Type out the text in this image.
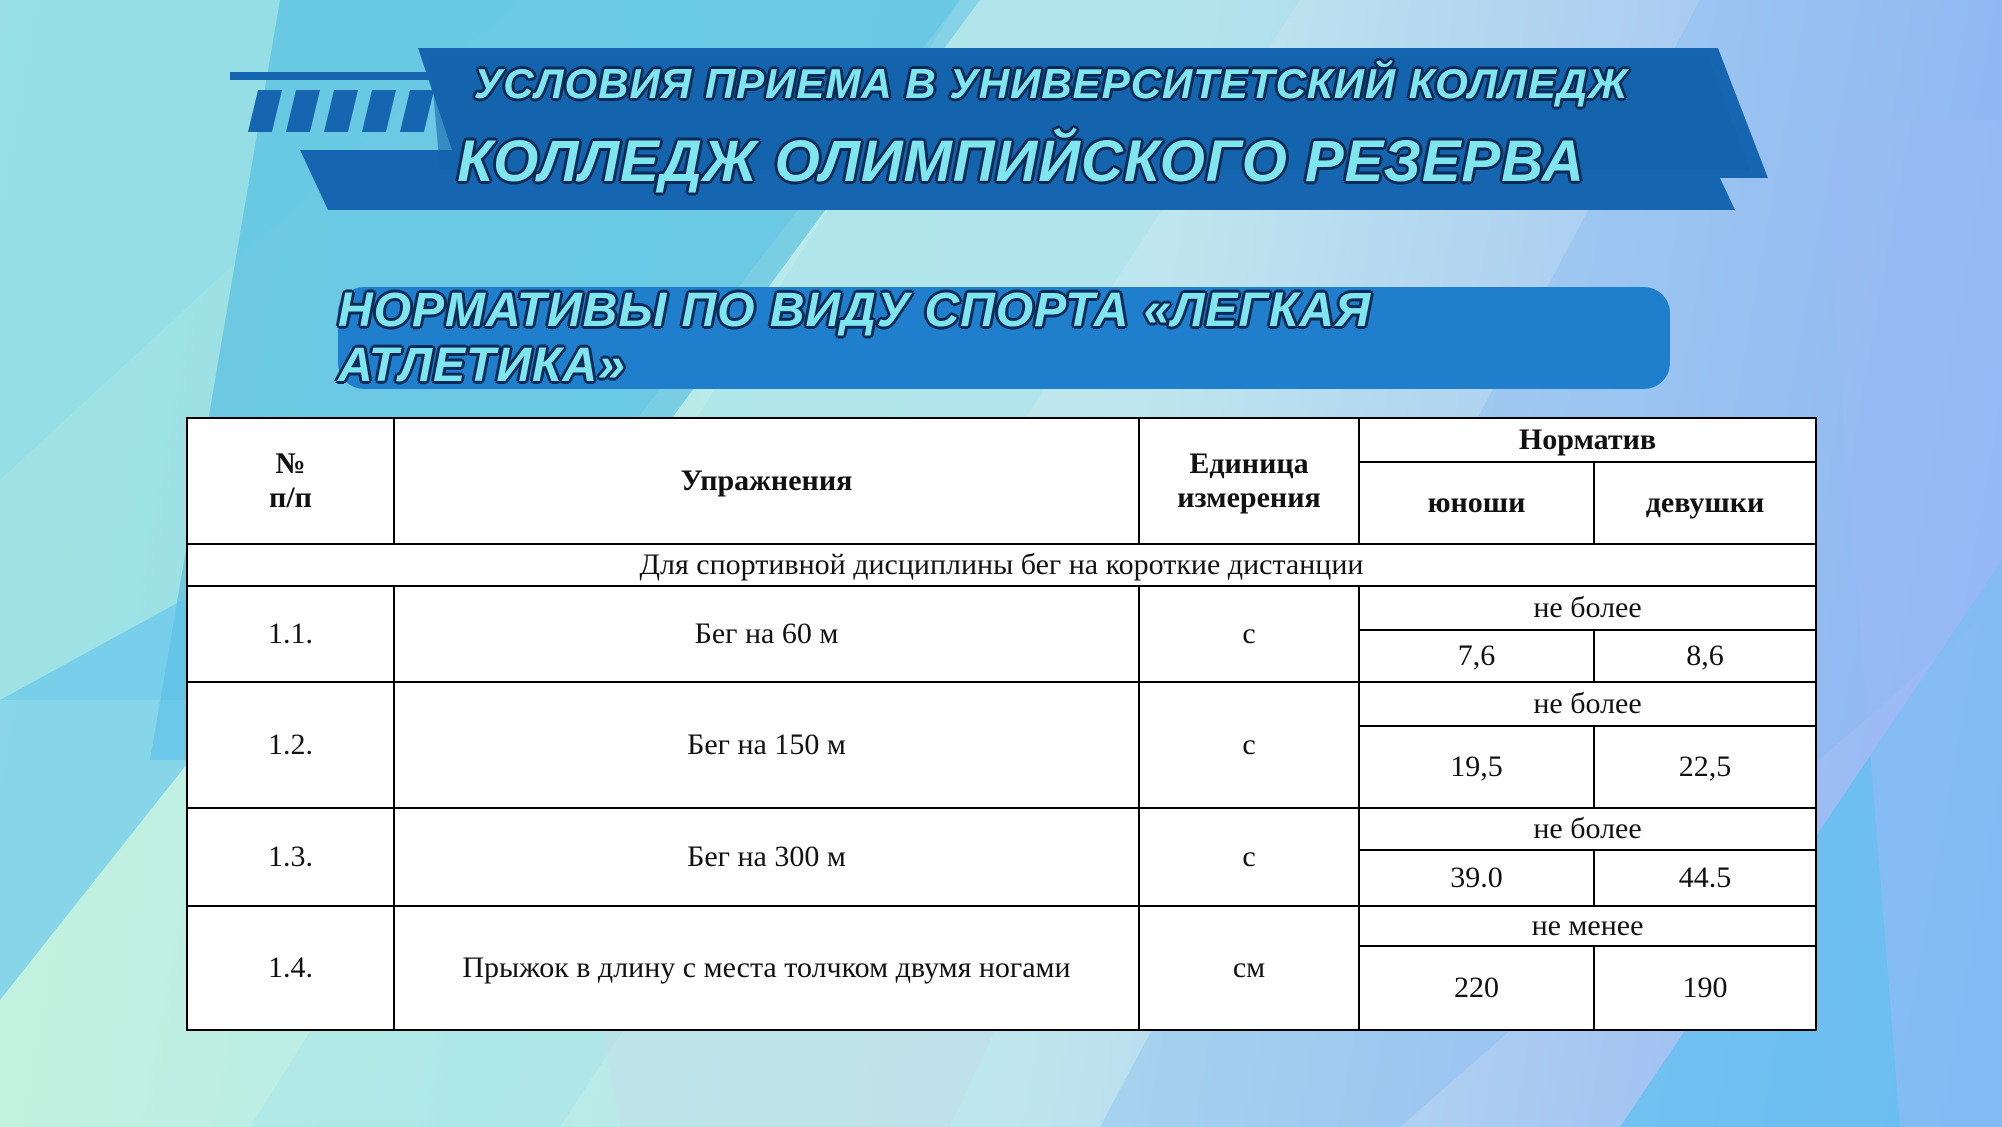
УСЛОВИЯ ПРИЕМА В УНИВЕРСИТЕТСКИЙ КОЛЛЕДЖ
КОЛЛЕДЖ ОЛИМПИЙСКОГО РЕЗЕРВА
НОРМАТИВЫ ПО ВИДУ СПОРТА «ЛЕГКАЯ АТЛЕТИКА»
№
п/п	Упражнения	Единица измерения	Норматив	
			юноши	девушки
Для спортивной дисциплины бег на короткие дистанции				
1.1.	Бег на 60 м	с	не более	
			7,6	8,6
1.2.	Бег на 150 м	с	не более	
			19,5	22,5
1.3.	Бег на 300 м	с	не более	
			39.0	44.5
1.4.	Прыжок в длину с места толчком двумя ногами	см	не менее	
			220	190
